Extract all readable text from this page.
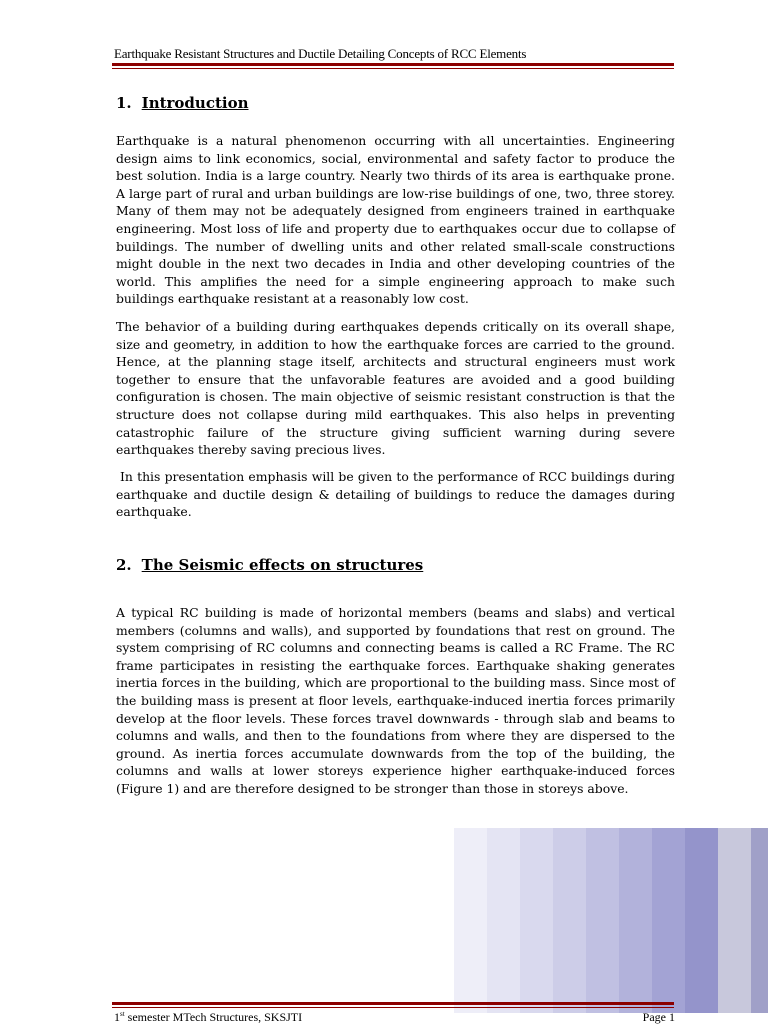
Earthquake Resistant Structures and Ductile Detailing Concepts of RCC Elements
1. Introduction

Earthquake is a natural phenomenon occurring with all uncertainties. Engineering design aims to link economics, social, environmental and safety factor to produce the best solution. India is a large country. Nearly two thirds of its area is earthquake prone. A large part of rural and urban buildings are low-rise buildings of one, two, three storey. Many of them may not be adequately designed from engineers trained in earthquake engineering. Most loss of life and property due to earthquakes occur due to collapse of buildings. The number of dwelling units and other related small-scale constructions might double in the next two decades in India and other developing countries of the world. This amplifies the need for a simple engineering approach to make such buildings earthquake resistant at a reasonably low cost.

The behavior of a building during earthquakes depends critically on its overall shape, size and geometry, in addition to how the earthquake forces are carried to the ground. Hence, at the planning stage itself, architects and structural engineers must work together to ensure that the unfavorable features are avoided and a good building configuration is chosen. The main objective of seismic resistant construction is that the structure does not collapse during mild earthquakes. This also helps in preventing catastrophic failure of the structure giving sufficient warning during severe earthquakes thereby saving precious lives.

In this presentation emphasis will be given to the performance of RCC buildings during earthquake and ductile design & detailing of buildings to reduce the damages during earthquake.

2. The Seismic effects on structures

A typical RC building is made of horizontal members (beams and slabs) and vertical members (columns and walls), and supported by foundations that rest on ground. The system comprising of RC columns and connecting beams is called a RC Frame. The RC frame participates in resisting the earthquake forces. Earthquake shaking generates inertia forces in the building, which are proportional to the building mass. Since most of the building mass is present at floor levels, earthquake-induced inertia forces primarily develop at the floor levels. These forces travel downwards - through slab and beams to columns and walls, and then to the foundations from where they are dispersed to the ground. As inertia forces accumulate downwards from the top of the building, the columns and walls at lower storeys experience higher earthquake-induced forces (Figure 1) and are therefore designed to be stronger than those in storeys above.

1st semester MTech Structures, SKSJTI	Page 1
